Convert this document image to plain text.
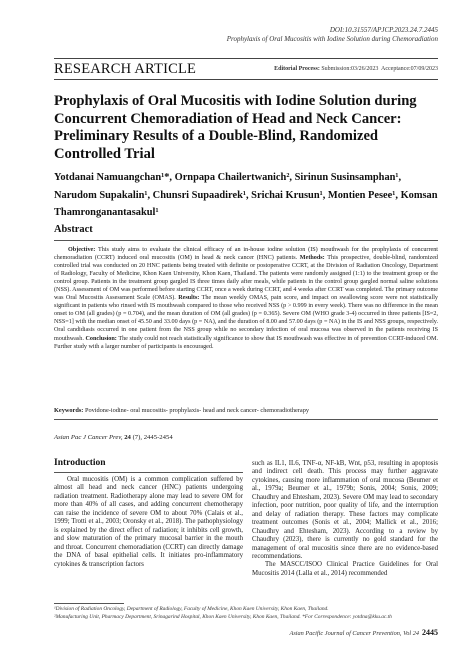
DOI:10.31557/APJCP.2023.24.7.2445
Prophylaxis of Oral Mucositis with Iodine Solution during Chemoradiation
RESEARCH ARTICLE	Editorial Process: Submission:03/26/2023 Acceptance:07/09/2023
Prophylaxis of Oral Mucositis with Iodine Solution during Concurrent Chemoradiation of Head and Neck Cancer: Preliminary Results of a Double-Blind, Randomized Controlled Trial
Yotdanai Namuangchan¹*, Ornpapa Chailertwanich², Sirinun Susinsamphan¹, Narudom Supakalin¹, Chunsri Supaadirek¹, Srichai Krusun¹, Montien Pesee¹, Komsan Thamronganantasakul¹
Abstract

Objective: This study aims to evaluate the clinical efficacy of an in-house iodine solution (IS) mouthwash for the prophylaxis of concurrent chemoradiation (CCRT) induced oral mucositis (OM) in head & neck cancer (HNC) patients. Methods: This prospective, double-blind, randomized controlled trial was conducted on 20 HNC patients being treated with definite or postoperative CCRT, at the Division of Radiation Oncology, Department of Radiology, Faculty of Medicine, Khon Kaen University, Khon Kaen, Thailand. The patients were randomly assigned (1:1) to the treatment group or the control group. Patients in the treatment group gargled IS three times daily after meals, while patients in the control group gargled normal saline solutions (NSS). Assessment of OM was performed before starting CCRT, once a week during CCRT, and 4 weeks after CCRT was completed. The primary outcome was Oral Mucositis Assessment Scale (OMAS). Results: The mean weekly OMAS, pain score, and impact on swallowing score were not statistically significant in patients who rinsed with IS mouthwash compared to those who received NSS (p > 0.999 in every week). There was no difference in the mean onset to OM (all grades) (p = 0.704), and the mean duration of OM (all grades) (p = 0.365). Severe OM (WHO grade 3-4) occurred in three patients [IS=2, NSS=1] with the median onset of 45.50 and 33.00 days (p = NA), and the duration of 8.00 and 57.00 days (p = NA) in the IS and NSS groups, respectively. Oral candidiasis occurred in one patient from the NSS group while no secondary infection of oral mucosa was observed in the patients receiving IS mouthwash. Conclusion: The study could not reach statistically significance to show that IS mouthwash was effective in of prevention CCRT-induced OM. Further study with a larger number of participants is encouraged.

Keywords: Povidone-iodine- oral mucositis- prophylaxis- head and neck cancer- chemoradiotherapy
Asian Pac J Cancer Prev, 24 (7), 2445-2454
Introduction

Oral mucositis (OM) is a common complication suffered by almost all head and neck cancer (HNC) patients undergoing radiation treatment. Radiotherapy alone may lead to severe OM for more than 40% of all cases, and adding concurrent chemotherapy can raise the incidence of severe OM to about 70% (Calais et al., 1999; Trotti et al., 2003; Oronsky et al., 2018). The pathophysiology is explained by the direct effect of radiation; it inhibits cell growth, and slow maturation of the primary mucosal barrier in the mouth and throat. Concurrent chemoradiation (CCRT) can directly damage the DNA of basal epithelial cells. It initiates pro-inflammatory cytokines & transcription factors

such as IL1, IL6, TNF-α, NF-kB, Wnt, p53, resulting in apoptosis and indirect cell death. This process may further aggravate cytokines, causing more inflammation of oral mucosa (Beumer et al., 1979a; Beumer et al., 1979b; Sonis, 2004; Sonis, 2009; Chaudhry and Ehtesham, 2023). Severe OM may lead to secondary infection, poor nutrition, poor quality of life, and the interruption and delay of radiation therapy. These factors may complicate treatment outcomes (Sonis et al., 2004; Mallick et al., 2016; Chaudhry and Ehtesham, 2023). According to a review by Chaudhry (2023), there is currently no gold standard for the management of oral mucositis since there are no evidence-based recommendations.

The MASCC/ISOO Clinical Practice Guidelines for Oral Mucositis 2014 (Lalla et al., 2014) recommended

¹Division of Radiation Oncology, Department of Radiology, Faculty of Medicine, Khon Kaen University, Khon Kaen, Thailand.
²Manufacturing Unit, Pharmacy Department, Srinagarind Hospital, Khon Kaen University, Khon Kaen, Thailand. *For Correspondence: yotdna@kku.ac.th
Asian Pacific Journal of Cancer Prevention, Vol 24 2445
